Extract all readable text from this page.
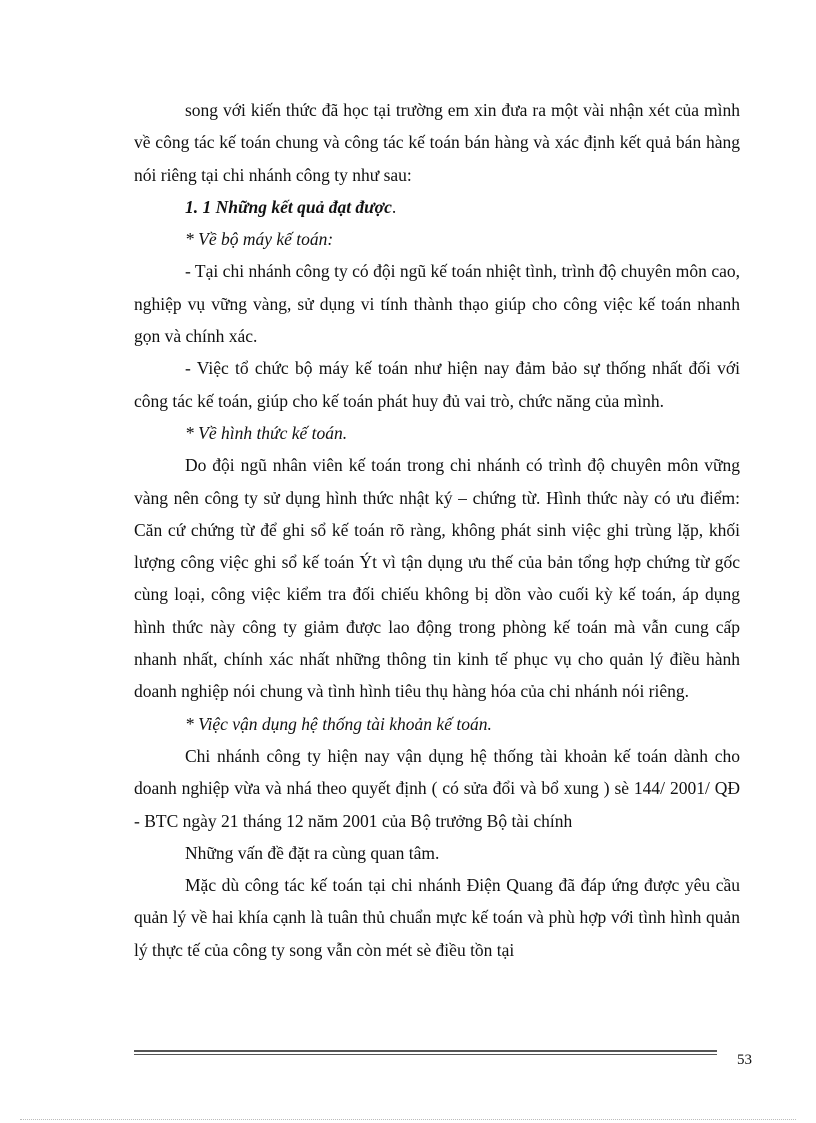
song với kiến thức đã học tại trường em xin đưa ra một vài nhận xét của mình về công tác kế toán chung và công tác kế toán bán hàng và xác định kết quả bán hàng nói riêng tại chi nhánh công ty như sau:

1. 1 Những kết quả đạt được.

* Về bộ máy kế toán:

- Tại chi nhánh công ty có đội ngũ kế toán nhiệt tình, trình độ chuyên môn cao, nghiệp vụ vững vàng, sử dụng vi tính thành thạo giúp cho công việc kế toán nhanh gọn và chính xác.

- Việc tổ chức bộ máy kế toán như hiện nay đảm bảo sự thống nhất đối với công tác kế toán, giúp cho kế toán phát huy đủ vai trò, chức năng của mình.

* Về hình thức kế toán.

Do đội ngũ nhân viên kế toán trong chi nhánh có trình độ chuyên môn vững vàng nên công ty sử dụng hình thức nhật ký – chứng từ. Hình thức này có ưu điểm: Căn cứ chứng từ để ghi sổ kế toán rõ ràng, không phát sinh việc ghi trùng lặp, khối lượng công việc ghi sổ kế toán Ýt vì tận dụng ưu thế của bản tổng hợp chứng từ gốc cùng loại, công việc kiểm tra đối chiếu không bị dồn vào cuối kỳ kế toán, áp dụng hình thức này công ty giảm được lao động trong phòng kế toán mà vẫn cung cấp nhanh nhất, chính xác nhất những thông tin kinh tế phục vụ cho quản lý điều hành doanh nghiệp nói chung và tình hình tiêu thụ hàng hóa của chi nhánh nói riêng.

* Việc vận dụng hệ thống tài khoản kế toán.

Chi nhánh công ty hiện nay vận dụng hệ thống tài khoản kế toán dành cho doanh nghiệp vừa và nhá theo quyết định ( có sửa đổi và bổ xung ) sè 144/ 2001/ QĐ - BTC ngày 21 tháng 12 năm 2001 của Bộ trưởng Bộ tài chính

Những vấn đề đặt ra cùng quan tâm.

Mặc dù công tác kế toán tại chi nhánh Điện Quang đã đáp ứng được yêu cầu quản lý về hai khía cạnh là tuân thủ chuẩn mực kế toán và phù hợp với tình hình quản lý thực tế của công ty song vẫn còn mét sè điều tồn tại

53
